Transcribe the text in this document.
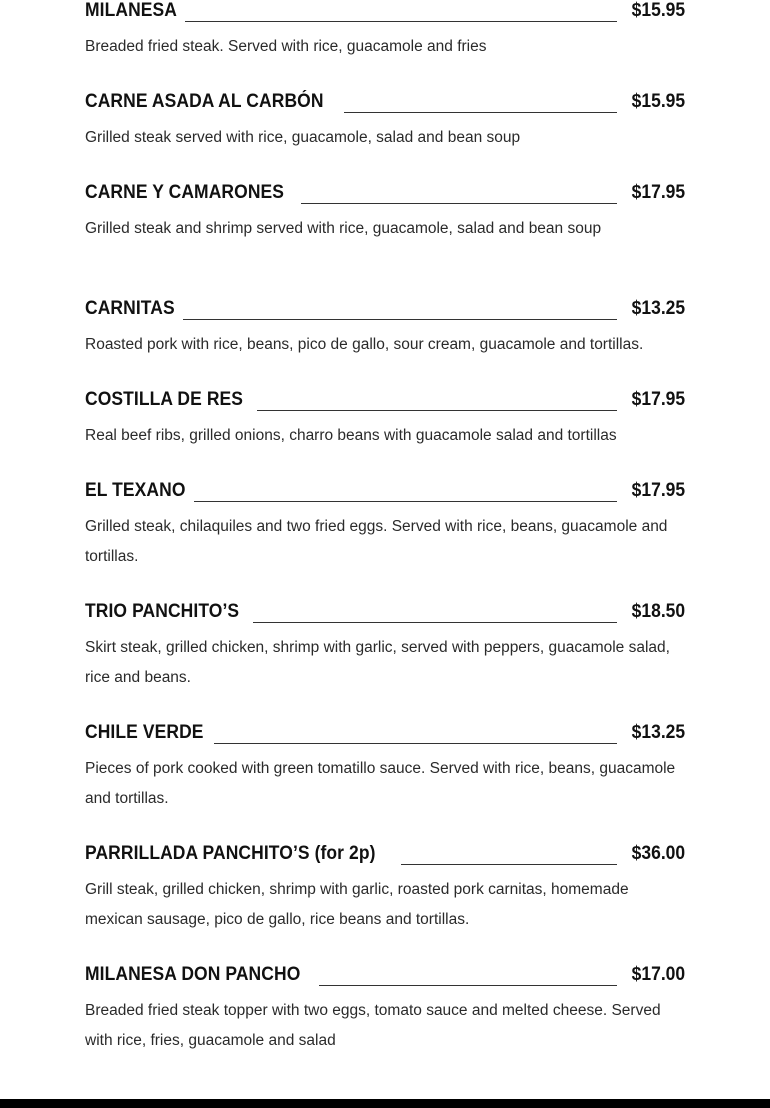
MILANESA	$15.95
Breaded fried steak. Served with rice, guacamole and fries
CARNE ASADA AL CARBÓN	$15.95
Grilled steak served with rice, guacamole, salad and bean soup
CARNE Y CAMARONES	$17.95
Grilled steak and shrimp served with rice, guacamole, salad and bean soup
CARNITAS	$13.25
Roasted pork with rice, beans, pico de gallo, sour cream, guacamole and tortillas.
COSTILLA DE RES	$17.95
Real beef ribs, grilled onions, charro beans with guacamole salad and tortillas
EL TEXANO	$17.95
Grilled steak, chilaquiles and two fried eggs. Served with rice, beans, guacamole and tortillas.
TRIO PANCHITO’S	$18.50
Skirt steak, grilled chicken, shrimp with garlic, served with peppers, guacamole salad, rice and beans.
CHILE VERDE	$13.25
Pieces of pork cooked with green tomatillo sauce. Served with rice, beans, guacamole and tortillas.
PARRILLADA PANCHITO’S (for 2p)	$36.00
Grill steak, grilled chicken, shrimp with garlic, roasted pork carnitas, homemade mexican sausage, pico de gallo, rice beans and tortillas.
MILANESA DON PANCHO	$17.00
Breaded fried steak topper with two eggs, tomato sauce and melted cheese. Served with rice, fries, guacamole and salad
